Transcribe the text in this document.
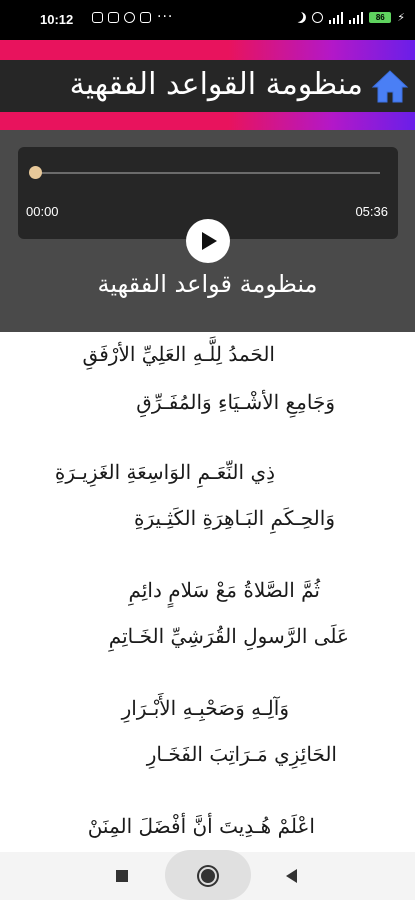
10:12	···	86	⚡
منظومة القواعد الفقهية
00:00	05:36
منظومة قواعد الفقهية
الحَمدُ لِلَّـهِ العَلِيِّ الأرْفَقِ
وَجَامِعِ الأشْـيَاءِ وَالمُفَـرِّقِ
ذِي النِّعَـمِ الوَاسِعَةِ الغَزِيـرَةِ
وَالحِـكَمِ البَـاهِرَةِ الكَثِـيرَةِ
ثُمَّ الصَّلاةُ مَعْ سَلامٍ دائِمِ
عَلَى الرَّسولِ القُرَشِيِّ الخَـاتِمِ
وَآلِـهِ وَصَحْبِـهِ الأَبْـرَارِ
الحَائِزِي مَـرَاتِبَ الفَخَـارِ
اعْلَمْ هُـدِيتَ أنَّ أفْضَلَ المِنَنْ
